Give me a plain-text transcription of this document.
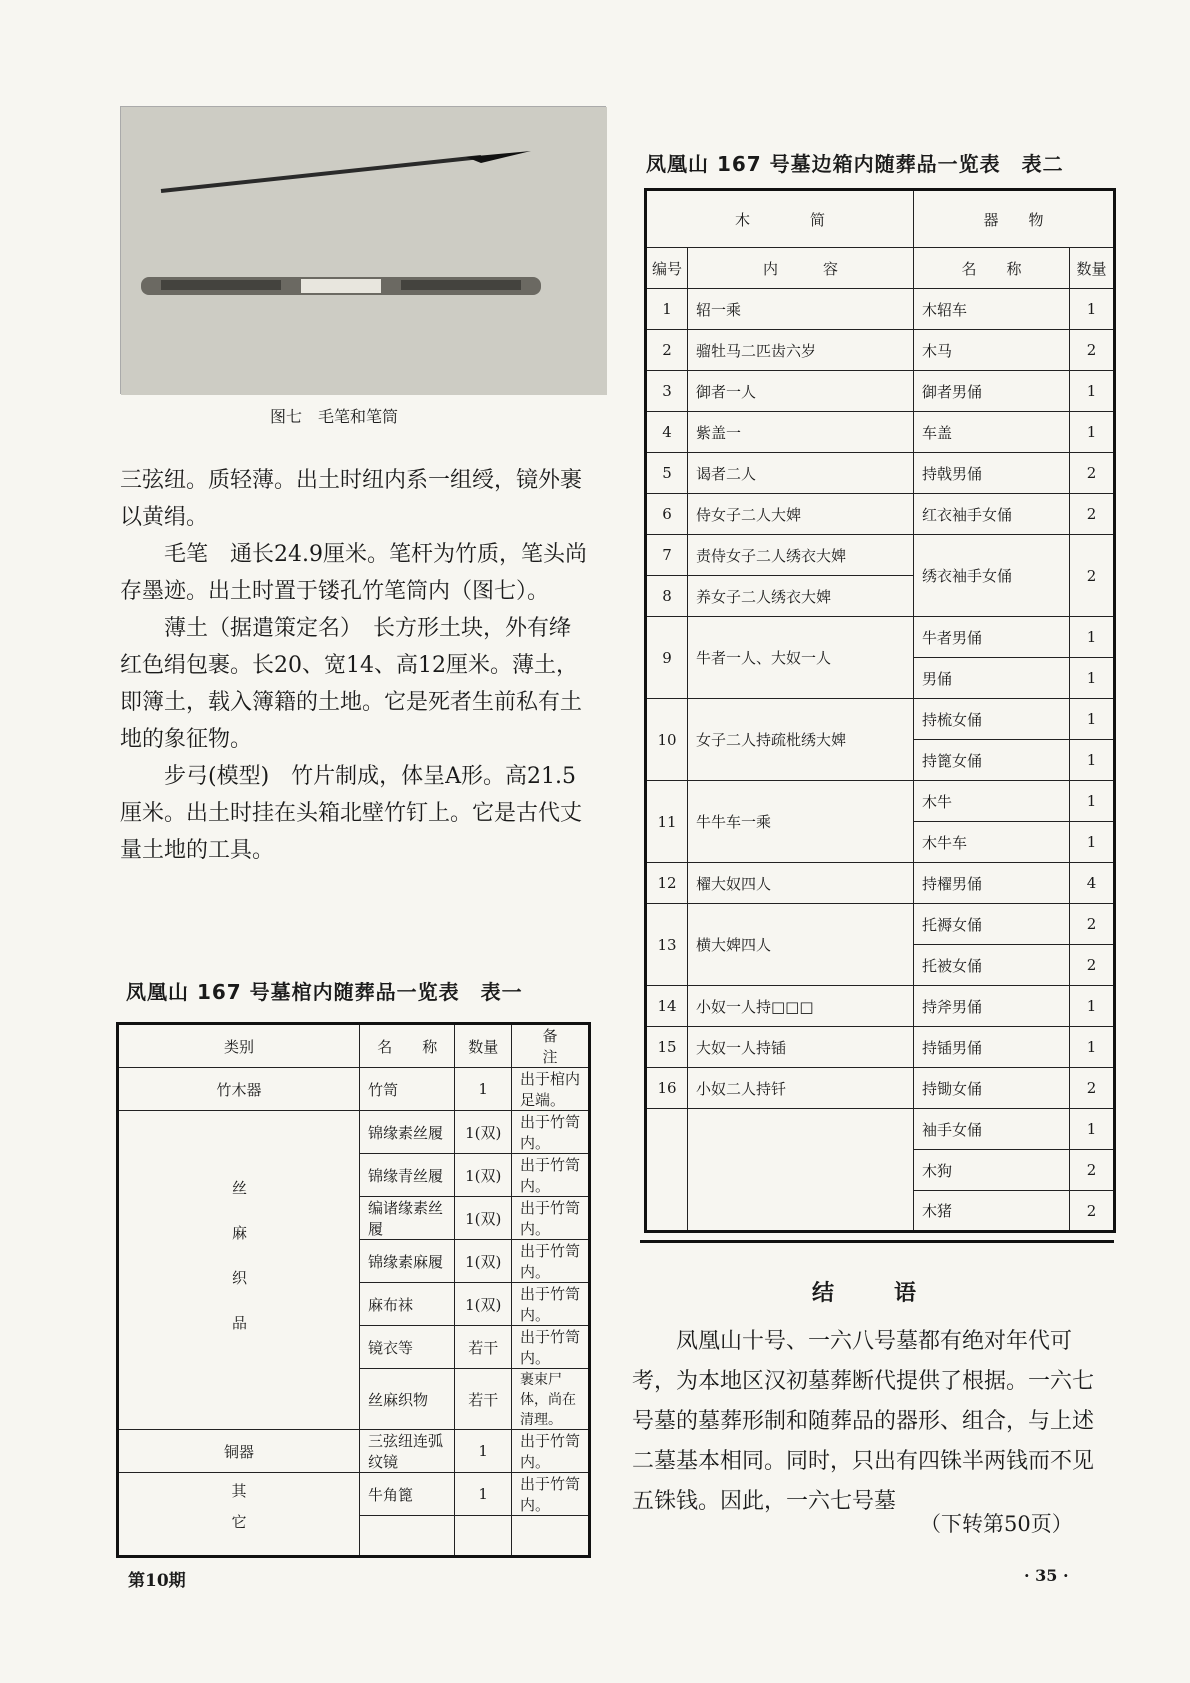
图七　毛笔和笔筒

三弦纽。质轻薄。出土时纽内系一组绶，镜外裹以黄绢。

毛笔　通长24.9厘米。笔杆为竹质，笔头尚存墨迹。出土时置于镂孔竹笔筒内（图七）。

薄土（据遣策定名）　长方形土块，外有绛红色绢包裹。长20、宽14、高12厘米。薄土，即簿土，载入簿籍的土地。它是死者生前私有土地的象征物。

步弓(模型)　竹片制成，体呈A形。高21.5厘米。出土时挂在头箱北壁竹钉上。它是古代丈量土地的工具。

凤凰山 167 号墓棺内随葬品一览表　表一
类别	名　　称	数量	备　　　注
竹木器	竹笥	1	出于棺内足端。
丝麻织品	锦缘素丝履	1(双)	出于竹笥内。
	锦缘青丝履	1(双)	出于竹笥内。
	编诸缘素丝履	1(双)	出于竹笥内。
	锦缘素麻履	1(双)	出于竹笥内。
	麻布袜	1(双)	出于竹笥内。
	镜衣等	若干	出于竹笥内。
	丝麻织物	若干	裹束尸体，尚在清理。
铜器	三弦纽连弧纹镜	1	出于竹笥内。
其它	牛角篦	1	出于竹笥内。

凤凰山 167 号墓边箱内随葬品一览表　表二
木　　　　简		器　　物	
编号	内　　　容	名　　称	数量
1	轺一乘	木轺车	1
2	骝牡马二匹齿六岁	木马	2
3	御者一人	御者男俑	1
4	紫盖一	车盖	1
5	谒者二人	持戟男俑	2
6	侍女子二人大婢	红衣袖手女俑	2
7	责侍女子二人绣衣大婢	绣衣袖手女俑	2
8	养女子二人绣衣大婢		
9	牛者一人、大奴一人	牛者男俑	1
		男俑	1
10	女子二人持疏枇绣大婢	持梳女俑	1
		持篦女俑	1
11	牛牛车一乘	木牛	1
		木牛车	1
12	櫂大奴四人	持櫂男俑	4
13	横大婢四人	托褥女俑	2
		托被女俑	2
14	小奴一人持□□□	持斧男俑	1
15	大奴一人持锸	持锸男俑	1
16	小奴二人持钎	持锄女俑	2
		袖手女俑	1
		木狗	2
		木猪	2
结语

凤凰山十号、一六八号墓都有绝对年代可考，为本地区汉初墓葬断代提供了根据。一六七号墓的墓葬形制和随葬品的器形、组合，与上述二墓基本相同。同时，只出有四铢半两钱而不见五铢钱。因此，一六七号墓

（下转第50页）
第10期	· 35 ·
